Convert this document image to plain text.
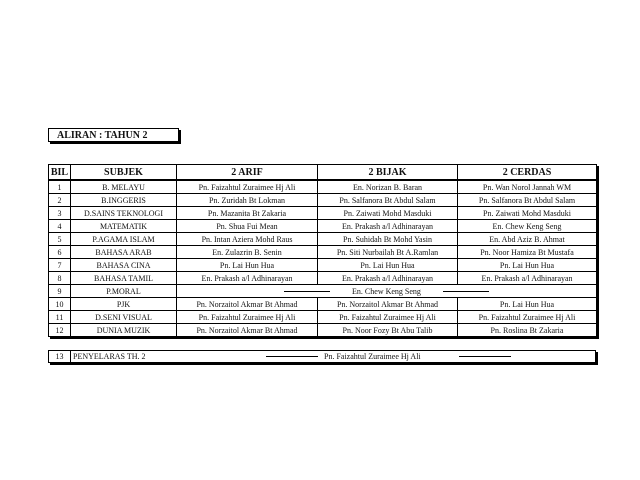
ALIRAN : TAHUN 2
BIL	SUBJEK	2 ARIF	2 BIJAK	2 CERDAS
1	B. MELAYU	Pn. Faizahtul Zuraimee Hj Ali	En. Norizan B. Baran	Pn. Wan Norol Jannah WM
2	B.INGGERIS	Pn. Zuridah Bt Lokman	Pn. Salfanora Bt Abdul Salam	Pn. Salfanora Bt Abdul Salam
3	D.SAINS TEKNOLOGI	Pn. Mazanita Bt Zakaria	Pn. Zaiwati Mohd Masduki	Pn. Zaiwati Mohd Masduki
4	MATEMATIK	Pn. Shua Fui Mean	En. Prakash a/l Adhinarayan	En. Chew Keng Seng
5	P.AGAMA ISLAM	Pn. Intan Aziera Mohd Raus	Pn. Suhidah Bt Mohd Yasin	En. Abd Aziz B. Ahmat
6	BAHASA ARAB	En. Zulazrin B. Senin	Pn. Siti Nurbailah Bt A.Ramlan	Pn. Noor Hamiza Bt Mustafa
7	BAHASA CINA	Pn. Lai Hun Hua	Pn. Lai Hun Hua	Pn. Lai Hun Hua
8	BAHASA TAMIL	En. Prakash a/l Adhinarayan	En. Prakash a/l Adhinarayan	En. Prakash a/l Adhinarayan
9	P.MORAL	En. Chew Keng Seng		
10	PJK	Pn. Norzaitol Akmar Bt Ahmad	Pn. Norzaitol Akmar Bt Ahmad	Pn. Lai Hun Hua
11	D.SENI VISUAL	Pn. Faizahtul Zuraimee Hj Ali	Pn. Faizahtul Zuraimee Hj Ali	Pn. Faizahtul Zuraimee Hj Ali
12	DUNIA MUZIK	Pn. Norzaitol Akmar Bt Ahmad	Pn. Noor Fozy Bt Abu Talib	Pn. Roslina Bt Zakaria
13	PENYELARAS TH. 2	Pn. Faizahtul Zuraimee Hj Ali
